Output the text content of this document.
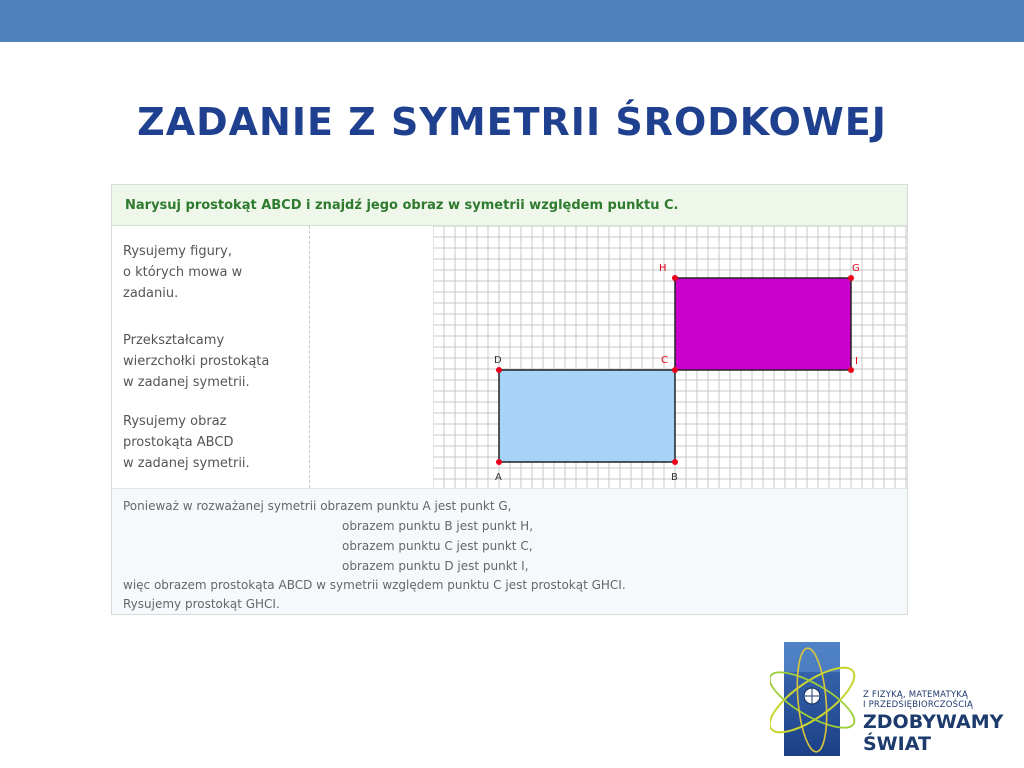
ZADANIE Z SYMETRII ŚRODKOWEJ
Narysuj prostokąt ABCD i znajdź jego obraz w symetrii względem punktu C.
Rysujemy figury,
o których mowa w
zadaniu.
Przekształcamy
wierzchołki prostokąta
w zadanej symetrii.
Rysujemy obraz
prostokąta ABCD
w zadanej symetrii.
A	B
C
D
G
H
I
Ponieważ w rozważanej symetrii obrazem punktu A jest punkt G,
obrazem punktu B jest punkt H,
obrazem punktu C jest punkt C,
obrazem punktu D jest punkt I,
więc obrazem prostokąta ABCD w symetrii względem punktu C jest prostokąt GHCI.
Rysujemy prostokąt GHCI.
Z FIZYKĄ, MATEMATYKĄ
I PRZEDSIĘBIORCZOŚCIĄ
ZDOBYWAMY
ŚWIAT
